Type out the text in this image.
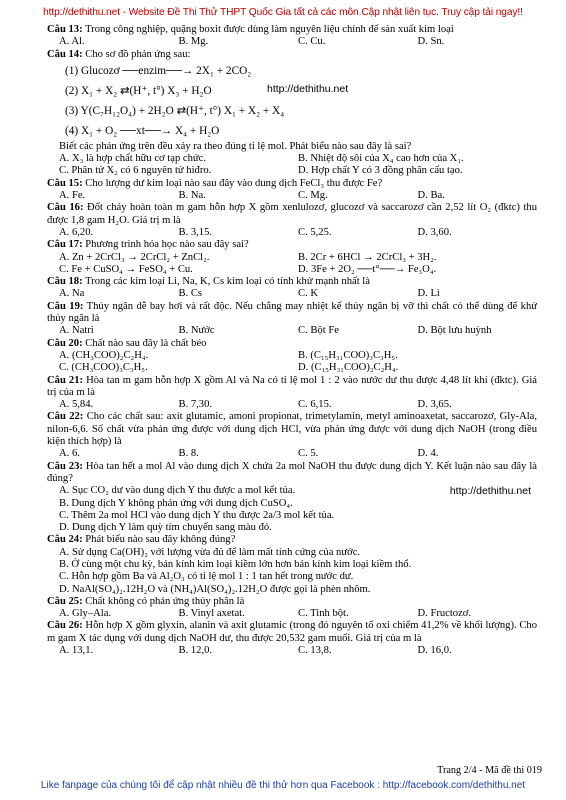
http://dethithu.net - Website Đề Thi Thử THPT Quốc Gia tất cả các môn.Cập nhật liên tục. Truy cập tải ngay!!
Câu 13: Trong công nghiệp, quặng boxit được dùng làm nguyên liệu chính để sản xuất kim loại
A. Al.	B. Mg.	C. Cu.	D. Sn.
Câu 14: Cho sơ đồ phản ứng sau:
(1) Glucozơ ──enzim──→ 2X₁ + 2CO₂
(2) X₁ + X₂ ⇄(H⁺, t°) X₃ + H₂O	http://dethithu.net
(3) Y(C₇H₁₂O₄) + 2H₂O ⇄(H⁺, t°) X₁ + X₂ + X₄
(4) X₁ + O₂ ──xt──→ X₄ + H₂O
Biết các phản ứng trên đều xảy ra theo đúng tỉ lệ mol. Phát biểu nào sau đây là sai?
A. X₃ là hợp chất hữu cơ tạp chức.	B. Nhiệt độ sôi của X₄ cao hơn của X₁.
C. Phân tử X₂ có 6 nguyên tử hiđro.	D. Hợp chất Y có 3 đồng phân cấu tạo.
Câu 15: Cho lượng dư kim loại nào sau đây vào dung dịch FeCl₃ thu được Fe?
A. Fe.	B. Na.	C. Mg.	D. Ba.
Câu 16: Đốt cháy hoàn toàn m gam hỗn hợp X gồm xenlulozơ, glucozơ và saccarozơ cần 2,52 lít O₂ (đktc) thu được 1,8 gam H₂O. Giá trị m là
A. 6,20.	B. 3,15.	C. 5,25.	D. 3,60.
Câu 17: Phương trình hóa học nào sau đây sai?
A. Zn + 2CrCl₃ → 2CrCl₂ + ZnCl₂.	B. 2Cr + 6HCl → 2CrCl₃ + 3H₂.
C. Fe + CuSO₄ → FeSO₄ + Cu.	D. 3Fe + 2O₂ ──t°──→ Fe₃O₄.
Câu 18: Trong các kim loại Li, Na, K, Cs kim loại có tính khử mạnh nhất là
A. Na	B. Cs	C. K	D. Li
Câu 19: Thủy ngân dễ bay hơi và rất độc. Nếu chẳng may nhiệt kế thủy ngân bị vỡ thì chất có thể dùng để khử thủy ngân là
A. Natri	B. Nước	C. Bột Fe	D. Bột lưu huỳnh
Câu 20: Chất nào sau đây là chất béo
A. (CH₃COO)₂C₂H₄.	B. (C₁₅H₃₁COO)₃C₃H₅.
C. (CH₃COO)₃C₃H₅.	D. (C₁₅H₃₁COO)₂C₂H₄.
Câu 21: Hòa tan m gam hỗn hợp X gồm Al và Na có tỉ lệ mol 1 : 2 vào nước dư thu được 4,48 lít khí (đktc). Giá trị của m là
A. 5,84.	B. 7,30.	C. 6,15.	D. 3,65.
Câu 22: Cho các chất sau: axit glutamic, amoni propionat, trimetylamin, metyl aminoaxetat, saccarozơ, Gly-Ala, nilon-6,6. Số chất vừa phản ứng được với dung dịch HCl, vừa phản ứng được với dung dịch NaOH (trong điều kiện thích hợp) là
A. 6.	B. 8.	C. 5.	D. 4.
Câu 23: Hòa tan hết a mol Al vào dung dịch X chứa 2a mol NaOH thu được dung dịch Y. Kết luận nào sau đây là đúng?
A. Sục CO₂ dư vào dung dịch Y thu được a mol kết tủa.	http://dethithu.net
B. Dung dịch Y không phản ứng với dung dịch CuSO₄.
C. Thêm 2a mol HCl vào dung dịch Y thu được 2a/3 mol kết tủa.
D. Dung dịch Y làm quỳ tím chuyển sang màu đỏ.
Câu 24: Phát biểu nào sau đây không đúng?
A. Sử dụng Ca(OH)₂ với lượng vừa đủ để làm mất tính cứng của nước.
B. Ở cùng một chu kỳ, bán kính kim loại kiềm lớn hơn bán kính kim loại kiềm thổ.
C. Hỗn hợp gồm Ba và Al₂O₃ có tỉ lệ mol 1 : 1 tan hết trong nước dư.
D. NaAl(SO₄)₂.12H₂O và (NH₄)Al(SO₄)₂.12H₂O được gọi là phèn nhôm.
Câu 25: Chất không có phản ứng thủy phân là
A. Gly–Ala.	B. Vinyl axetat.	C. Tinh bột.	D. Fructozơ.
Câu 26: Hỗn hợp X gồm glyxin, alanin và axit glutamic (trong đó nguyên tố oxi chiếm 41,2% về khối lượng). Cho m gam X tác dụng với dung dịch NaOH dư, thu được 20,532 gam muối. Giá trị của m là
A. 13,1.	B. 12,0.	C. 13,8.	D. 16,0.
Trang 2/4 - Mã đề thi 019
Like fanpage của chúng tôi để cập nhật nhiều đề thi thử hơn qua Facebook : http://facebook.com/dethithu.net
